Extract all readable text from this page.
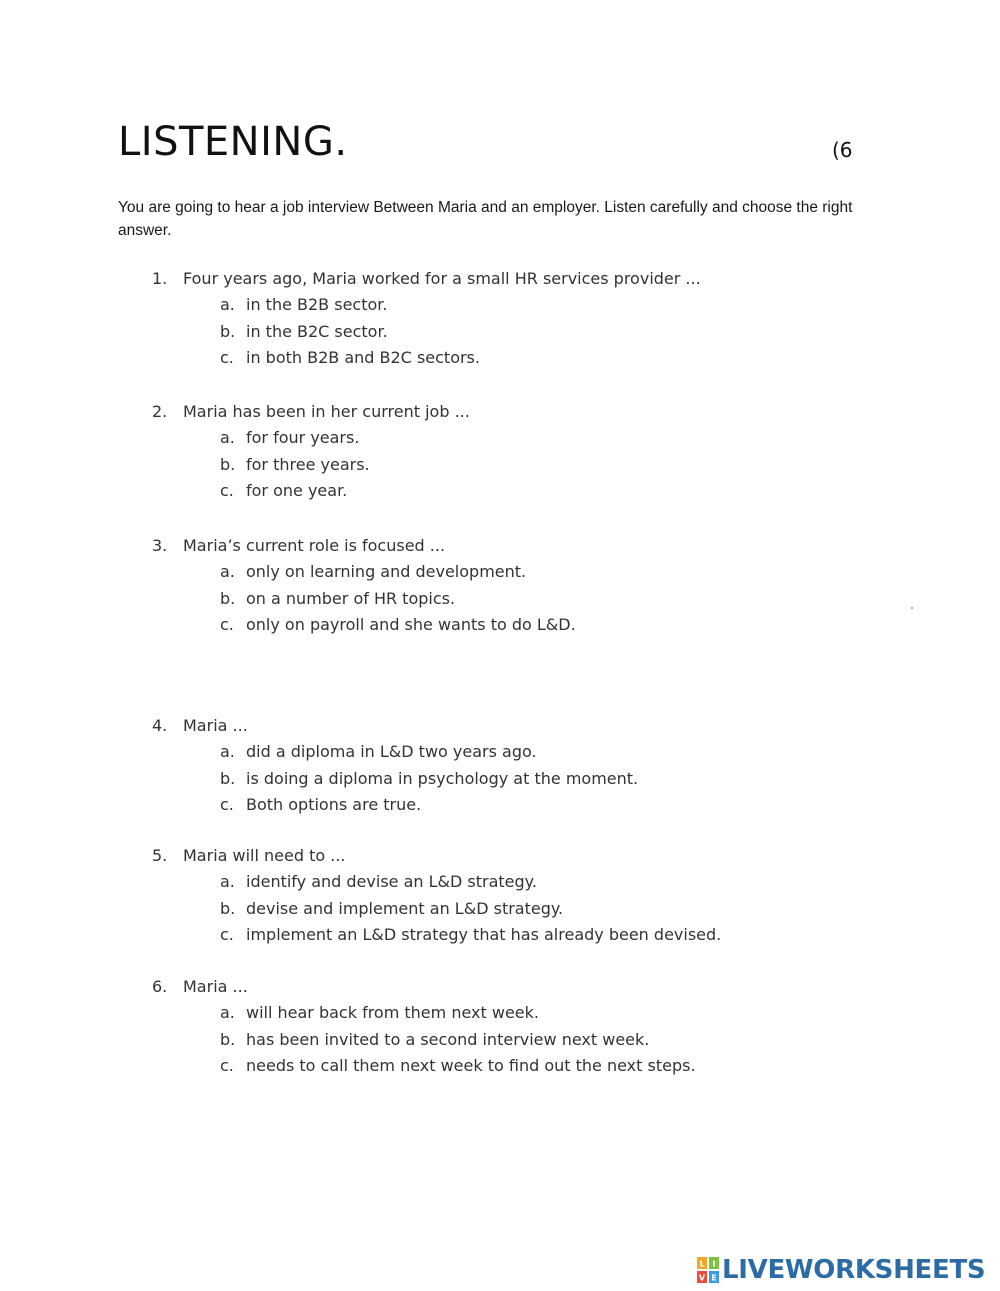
LISTENING.	(6

You are going to hear a job interview Between Maria and an employer. Listen carefully and choose the right answer.

1. Four years ago, Maria worked for a small HR services provider ...
a. in the B2B sector.
b. in the B2C sector.
c. in both B2B and B2C sectors.
2. Maria has been in her current job ...
a. for four years.
b. for three years.
c. for one year.
3. Maria’s current role is focused ...
a. only on learning and development.
b. on a number of HR topics.
c. only on payroll and she wants to do L&D.
4. Maria ...
a. did a diploma in L&D two years ago.
b. is doing a diploma in psychology at the moment.
c. Both options are true.
5. Maria will need to ...
a. identify and devise an L&D strategy.
b. devise and implement an L&D strategy.
c. implement an L&D strategy that has already been devised.
6. Maria ...
a. will hear back from them next week.
b. has been invited to a second interview next week.
c. needs to call them next week to find out the next steps.
L I
V E LIVEWORKSHEETS
